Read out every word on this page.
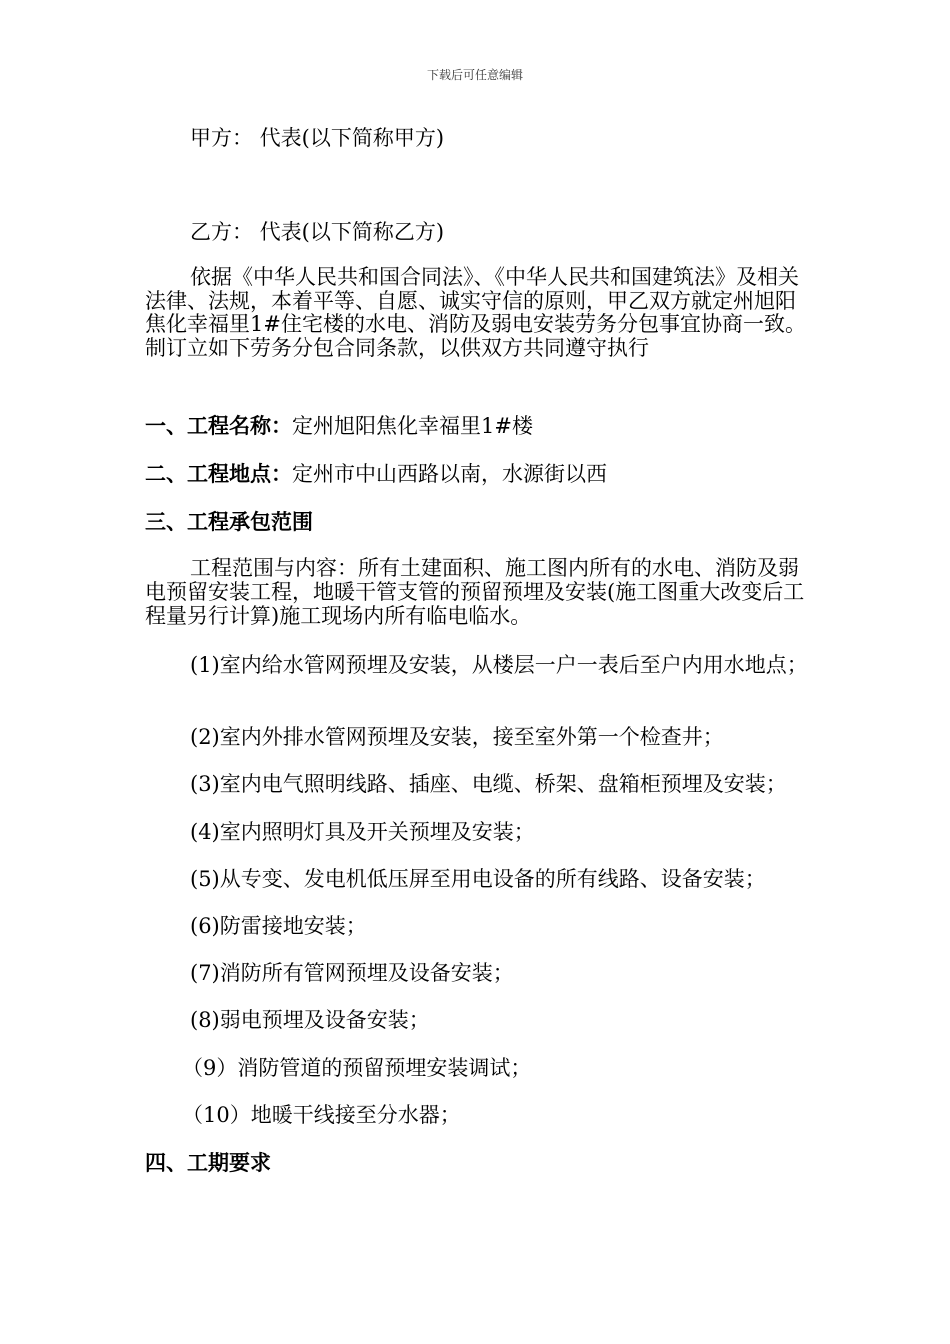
下载后可任意编辑
甲方： 代表(以下简称甲方)
乙方： 代表(以下简称乙方)
依据《中华人民共和国合同法》、《中华人民共和国建筑法》及相关法律、法规，本着平等、自愿、诚实守信的原则，甲乙双方就定州旭阳焦化幸福里1#住宅楼的水电、消防及弱电安装劳务分包事宜协商一致。制订立如下劳务分包合同条款，以供双方共同遵守执行
一、工程名称：定州旭阳焦化幸福里1#楼
二、工程地点：定州市中山西路以南，水源街以西
三、工程承包范围
工程范围与内容：所有土建面积、施工图内所有的水电、消防及弱电预留安装工程，地暖干管支管的预留预埋及安装(施工图重大改变后工程量另行计算)施工现场内所有临电临水。
(1)室内给水管网预埋及安装，从楼层一户一表后至户内用水地点；
(2)室内外排水管网预埋及安装，接至室外第一个检查井；
(3)室内电气照明线路、插座、电缆、桥架、盘箱柜预埋及安装；
(4)室内照明灯具及开关预埋及安装；
(5)从专变、发电机低压屏至用电设备的所有线路、设备安装；
(6)防雷接地安装；
(7)消防所有管网预埋及设备安装；
(8)弱电预埋及设备安装；
（9）消防管道的预留预埋安装调试；
（10）地暖干线接至分水器；
四、工期要求
